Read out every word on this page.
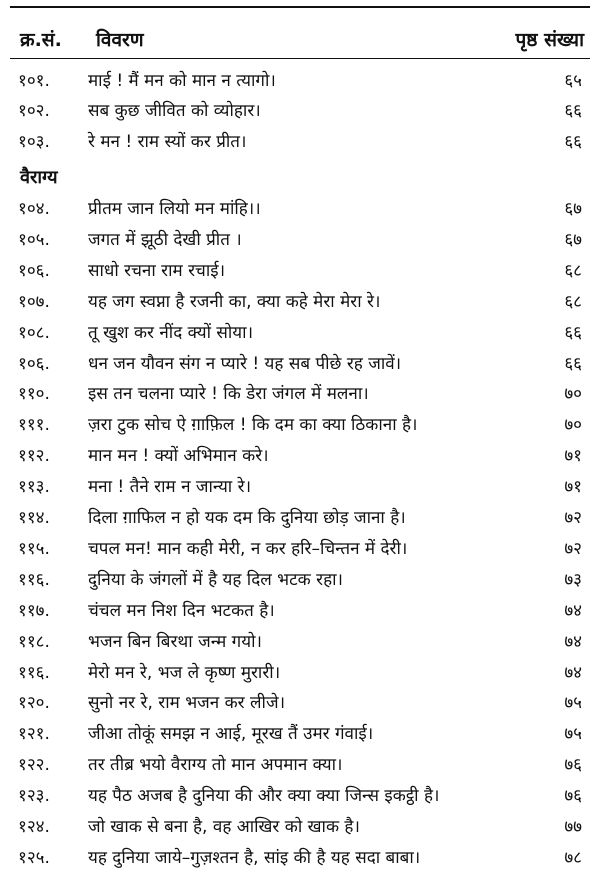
क्र.सं. विवरण	पृष्ठ संख्या
वैराग्य
१०१. माई ! मैं मन को मान न त्यागो।	६५
१०२. सब कुछ जीवित को व्योहार।	६६
१०३. रे मन ! राम स्यों कर प्रीत।	६६
१०४. प्रीतम जान लियो मन मांहि।।	६७
१०५. जगत में झूठी देखी प्रीत ।	६७
१०६. साधो रचना राम रचाई।	६८
१०७. यह जग स्वप्ना है रजनी का, क्या कहे मेरा मेरा रे।	६८
१०८. तू खुश कर नींद क्यों सोया।	६६
१०६. धन जन यौवन संग न प्यारे ! यह सब पीछे रह जावें।	६६
११०. इस तन चलना प्यारे ! कि डेरा जंगल में मलना।	७०
१११. ज़रा टुक सोच ऐ ग़ाफ़िल ! कि दम का क्या ठिकाना है।	७०
११२. मान मन ! क्यों अभिमान करे।	७१
११३. मना ! तैने राम न जान्या रे।	७१
११४. दिला ग़ाफिल न हो यक दम कि दुनिया छोड़ जाना है।	७२
११५. चपल मन! मान कही मेरी, न कर हरि–चिन्तन में देरी।	७२
११६. दुनिया के जंगलों में है यह दिल भटक रहा।	७३
११७. चंचल मन निश दिन भटकत है।	७४
११८. भजन बिन बिरथा जन्म गयो।	७४
११६. मेरो मन रे, भज ले कृष्ण मुरारी।	७४
१२०. सुनो नर रे, राम भजन कर लीजे।	७५
१२१. जीआ तोकूं समझ न आई, मूरख तैं उमर गंवाई।	७५
१२२. तर तीब्र भयो वैराग्य तो मान अपमान क्या।	७६
१२३. यह पैठ अजब है दुनिया की और क्या क्या जिन्स इकट्ठी है।	७६
१२४. जो खाक से बना है, वह आखिर को खाक है।	७७
१२५. यह दुनिया जाये–गुज़श्तन है, सांइ की है यह सदा बाबा।	७८
